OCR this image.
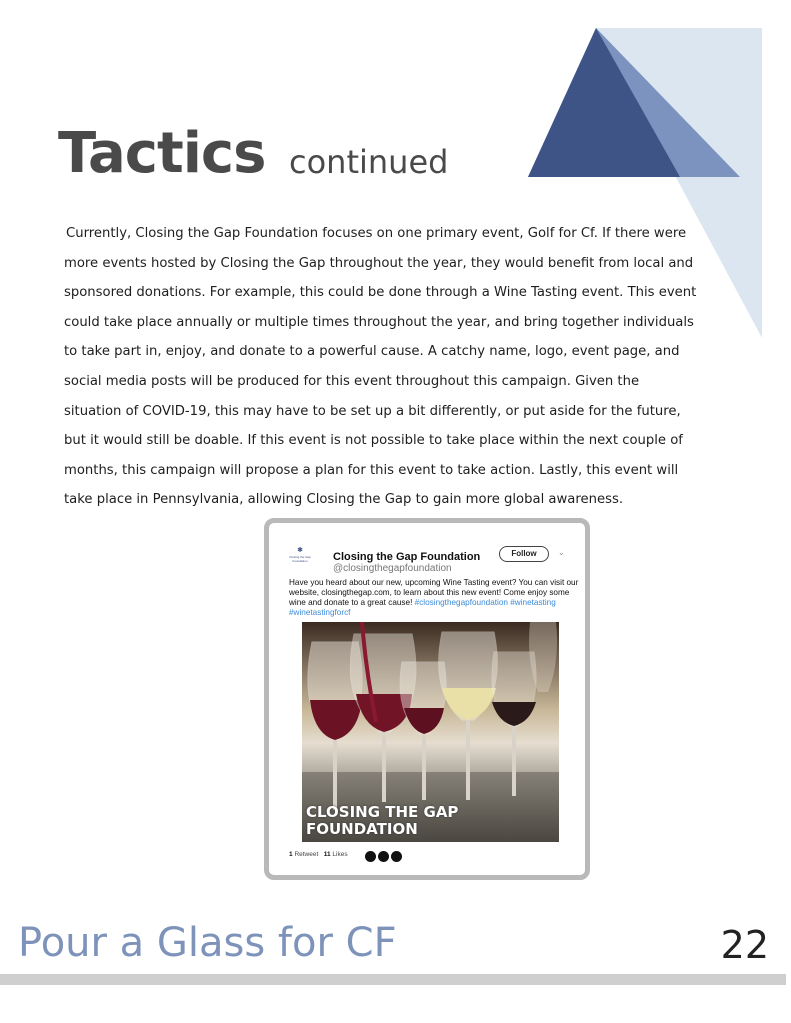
Tactics continued

Currently, Closing the Gap Foundation focuses on one primary event, Golf for Cf. If there were more events hosted by Closing the Gap throughout the year, they would benefit from local and sponsored donations. For example, this could be done through a Wine Tasting event. This event could take place annually or multiple times throughout the year, and bring together individuals to take part in, enjoy, and donate to a powerful cause. A catchy name, logo, event page, and social media posts will be produced for this event throughout this campaign. Given the situation of COVID-19, this may have to be set up a bit differently, or put aside for the future, but it would still be doable. If this event is not possible to take place within the next couple of months, this campaign will propose a plan for this event to take action. Lastly, this event will take place in Pennsylvania, allowing Closing the Gap to gain more global awareness.

✱
Closing the Gap Foundation	Closing the Gap Foundation
@closingthegapfoundation
Follow	⌄
Have you heard about our new, upcoming Wine Tasting event? You can visit our website, closingthegap.com, to learn about this new event! Come enjoy some wine and donate to a great cause! #closingthegapfoundation #winetasting #winetastingforcf
CLOSING THE GAP
FOUNDATION
1 Retweet 11 Likes
Pour a Glass for CF	22
